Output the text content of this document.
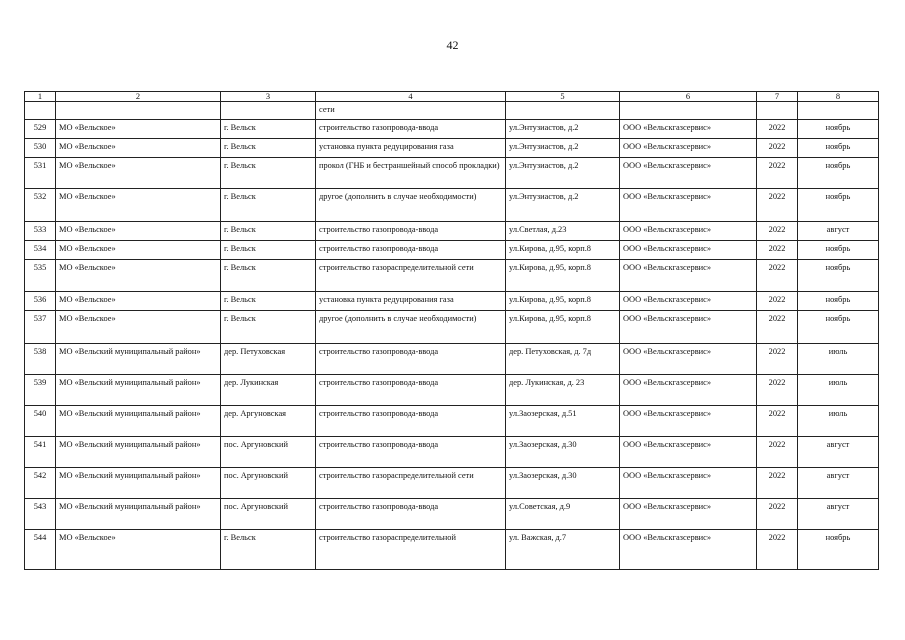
42
1	2	3	4	5	6	7	8
			сети				
529	МО «Вельское»	г. Вельск	строительство газопровода-ввода	ул.Энтузиастов, д.2	ООО «Вельскгазсервис»	2022	ноябрь
530	МО «Вельское»	г. Вельск	установка пункта редуцирования газа	ул.Энтузиастов, д.2	ООО «Вельскгазсервис»	2022	ноябрь
531	МО «Вельское»	г. Вельск	прокол (ГНБ и бестраншейный способ прокладки)	ул.Энтузиастов, д.2	ООО «Вельскгазсервис»	2022	ноябрь
532	МО «Вельское»	г. Вельск	другое (дополнить в случае необходимости)	ул.Энтузиастов, д.2	ООО «Вельскгазсервис»	2022	ноябрь
533	МО «Вельское»	г. Вельск	строительство газопровода-ввода	ул.Светлая, д.23	ООО «Вельскгазсервис»	2022	август
534	МО «Вельское»	г. Вельск	строительство газопровода-ввода	ул.Кирова, д.95, корп.8	ООО «Вельскгазсервис»	2022	ноябрь
535	МО «Вельское»	г. Вельск	строительство газораспределительной сети	ул.Кирова, д.95, корп.8	ООО «Вельскгазсервис»	2022	ноябрь
536	МО «Вельское»	г. Вельск	установка пункта редуцирования газа	ул.Кирова, д.95, корп.8	ООО «Вельскгазсервис»	2022	ноябрь
537	МО «Вельское»	г. Вельск	другое (дополнить в случае необходимости)	ул.Кирова, д.95, корп.8	ООО «Вельскгазсервис»	2022	ноябрь
538	МО «Вельский муниципальный район»	дер. Петуховская	строительство газопровода-ввода	дер. Петуховская, д. 7д	ООО «Вельскгазсервис»	2022	июль
539	МО «Вельский муниципальный район»	дер. Лукинская	строительство газопровода-ввода	дер. Лукинская, д. 23	ООО «Вельскгазсервис»	2022	июль
540	МО «Вельский муниципальный район»	дер. Аргуновская	строительство газопровода-ввода	ул.Заозерская, д.51	ООО «Вельскгазсервис»	2022	июль
541	МО «Вельский муниципальный район»	пос. Аргуновский	строительство газопровода-ввода	ул.Заозерская, д.30	ООО «Вельскгазсервис»	2022	август
542	МО «Вельский муниципальный район»	пос. Аргуновский	строительство газораспределительной сети	ул.Заозерская, д.30	ООО «Вельскгазсервис»	2022	август
543	МО «Вельский муниципальный район»	пос. Аргуновский	строительство газопровода-ввода	ул.Советская, д.9	ООО «Вельскгазсервис»	2022	август
544	МО «Вельское»	г. Вельск	строительство газораспределительной	ул. Важская, д.7	ООО «Вельскгазсервис»	2022	ноябрь
